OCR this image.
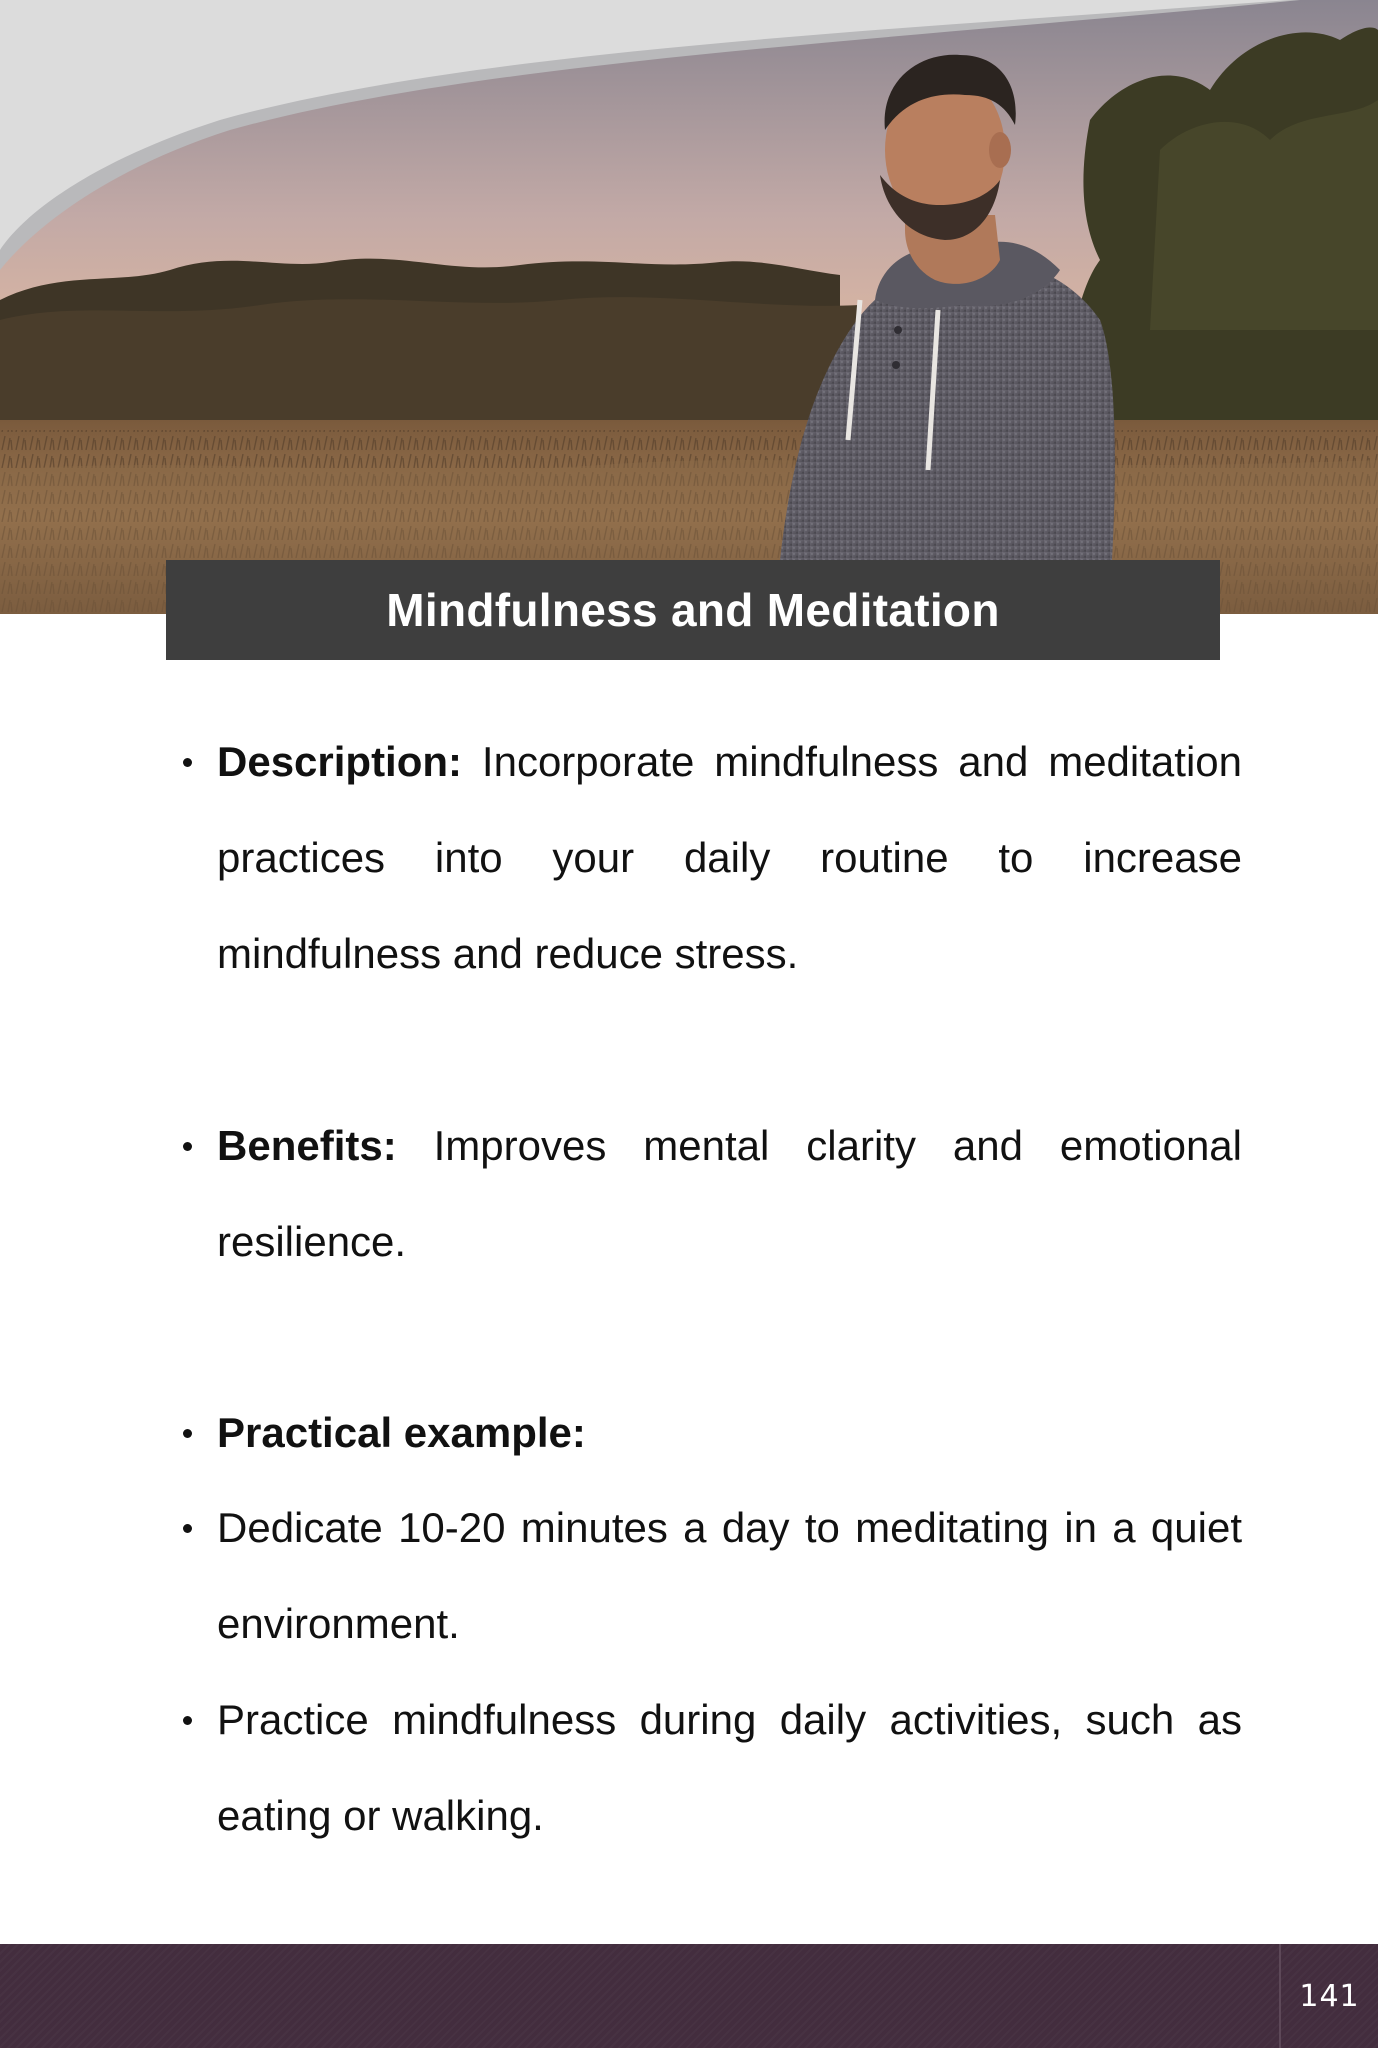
Mindfulness and Meditation
Description: Incorporate mindfulness and meditation practices into your daily routine to increase mindfulness and reduce stress.
Benefits: Improves mental clarity and emotional resilience.
Practical example:
Dedicate 10-20 minutes a day to meditating in a quiet environment.
Practice mindfulness during daily activities, such as eating or walking.
141
